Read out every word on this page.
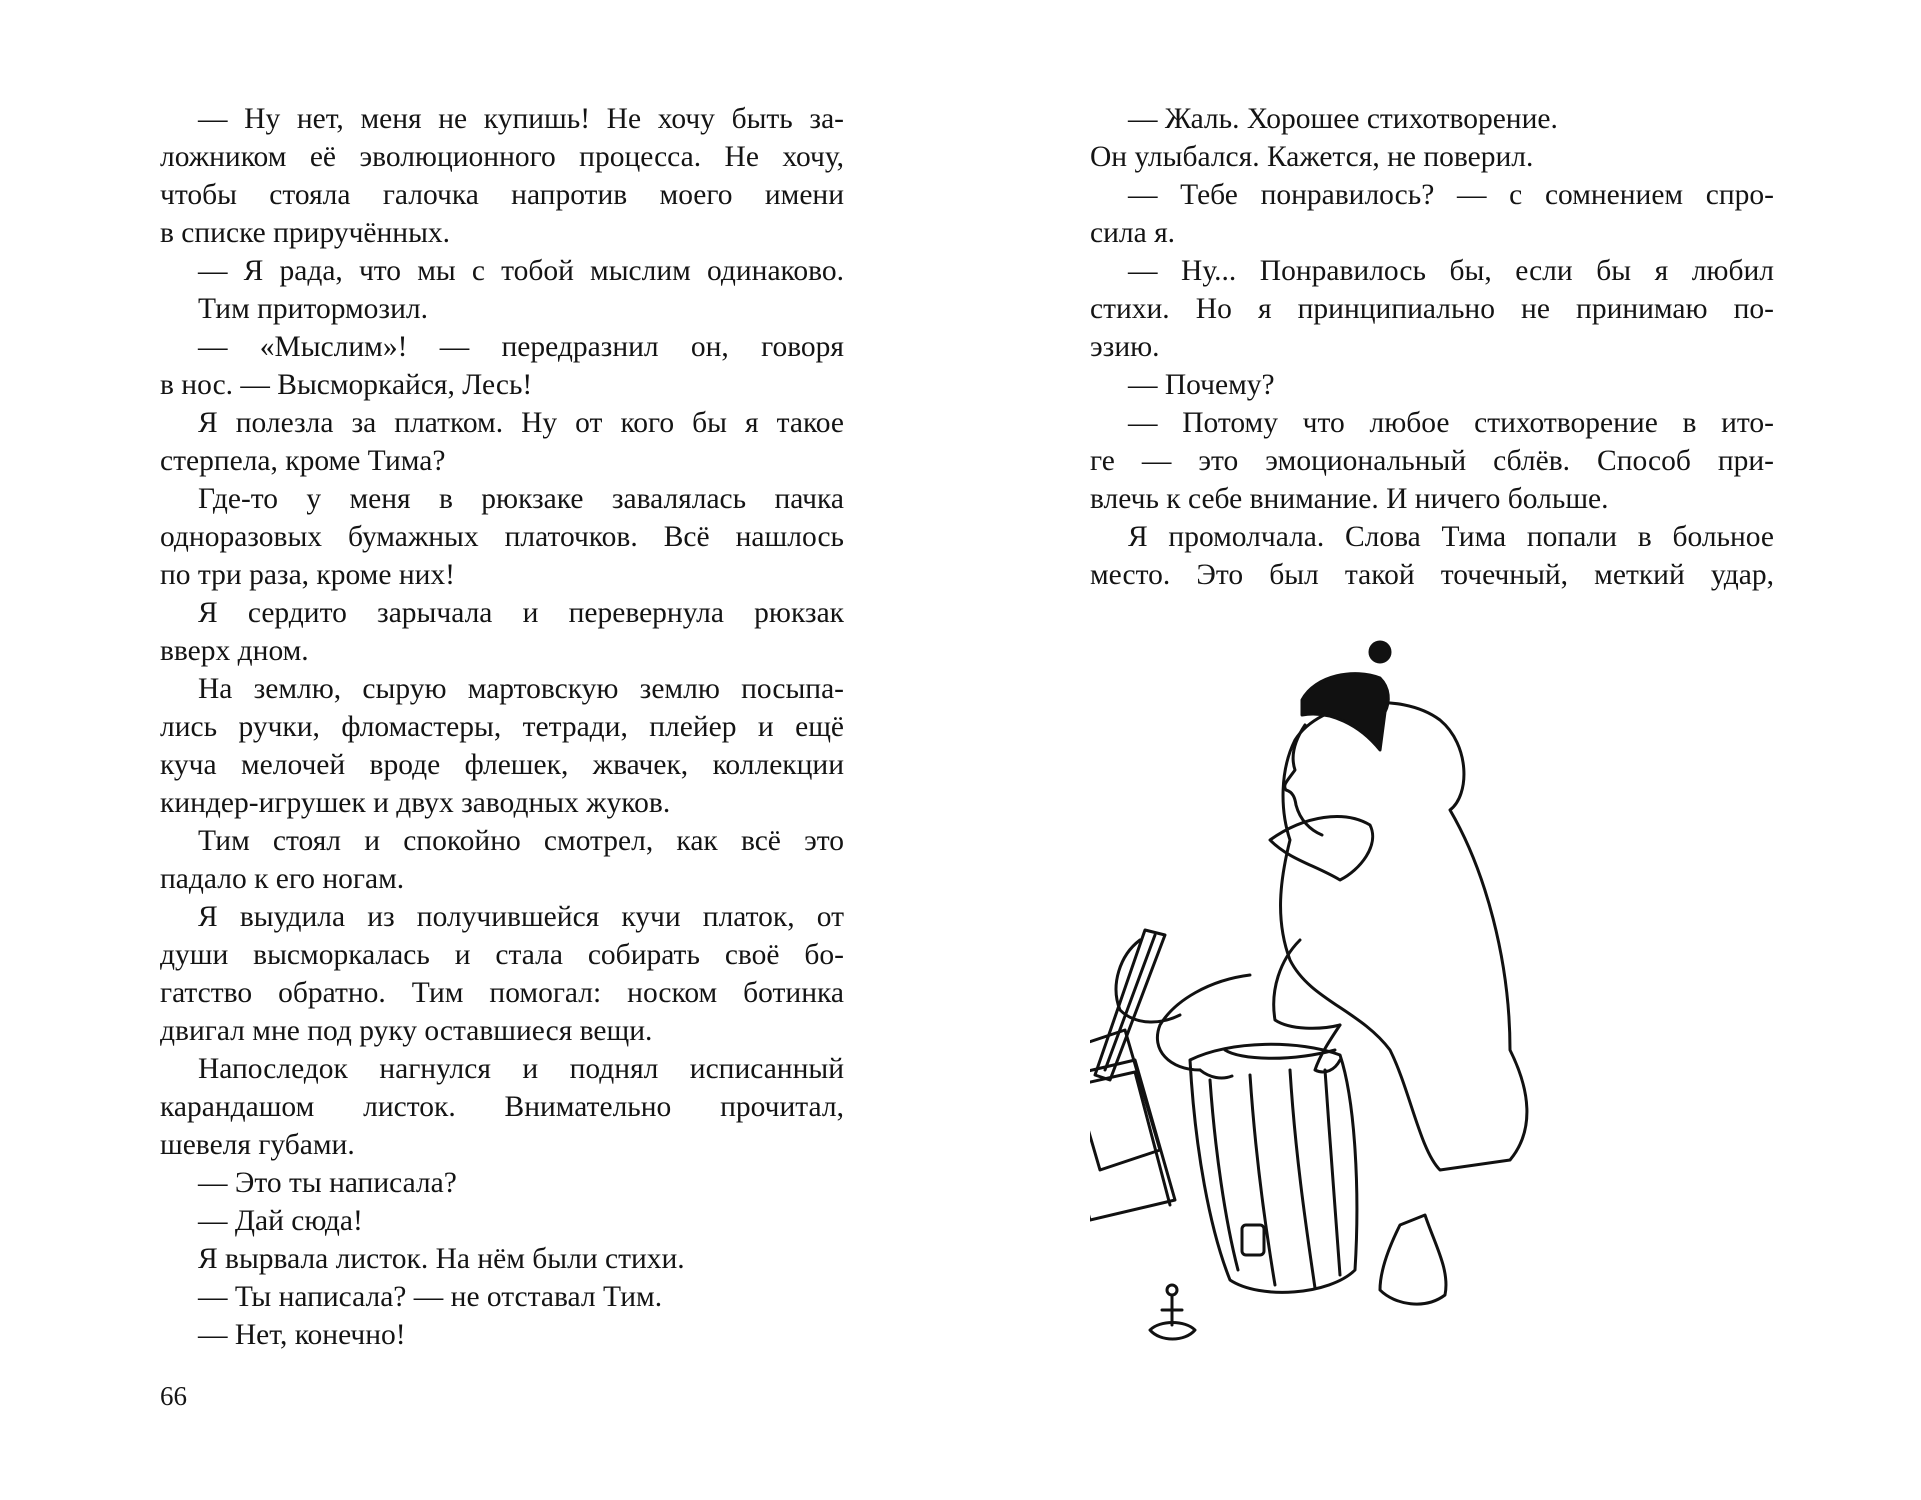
— Ну нет, меня не купишь! Не хочу быть за-
ложником её эволюционного процесса. Не хочу,
чтобы стояла галочка напротив моего имени
в списке приручённых.
— Я рада, что мы с тобой мыслим одинаково.
Тим притормозил.
— «Мыслим»! — передразнил он, говоря
в нос. — Высморкайся, Лесь!
Я полезла за платком. Ну от кого бы я такое
стерпела, кроме Тима?
Где-то у меня в рюкзаке завалялась пачка
одноразовых бумажных платочков. Всё нашлось
по три раза, кроме них!
Я сердито зарычала и перевернула рюкзак
вверх дном.
На землю, сырую мартовскую землю посыпа-
лись ручки, фломастеры, тетради, плейер и ещё
куча мелочей вроде флешек, жвачек, коллекции
киндер-игрушек и двух заводных жуков.
Тим стоял и спокойно смотрел, как всё это
падало к его ногам.
Я выудила из получившейся кучи платок, от
души высморкалась и стала собирать своё бо-
гатство обратно. Тим помогал: носком ботинка
двигал мне под руку оставшиеся вещи.
Напоследок нагнулся и поднял исписанный
карандашом листок. Внимательно прочитал,
шевеля губами.
— Это ты написала?
— Дай сюда!
Я вырвала листок. На нём были стихи.
— Ты написала? — не отставал Тим.
— Нет, конечно!
66
— Жаль. Хорошее стихотворение.
Он улыбался. Кажется, не поверил.
— Тебе понравилось? — с сомнением спро-
сила я.
— Ну... Понравилось бы, если бы я любил
стихи. Но я принципиально не принимаю по-
эзию.
— Почему?
— Потому что любое стихотворение в ито-
ге — это эмоциональный сблёв. Способ при-
влечь к себе внимание. И ничего больше.
Я промолчала. Слова Тима попали в больное
место. Это был такой точечный, меткий удар,
